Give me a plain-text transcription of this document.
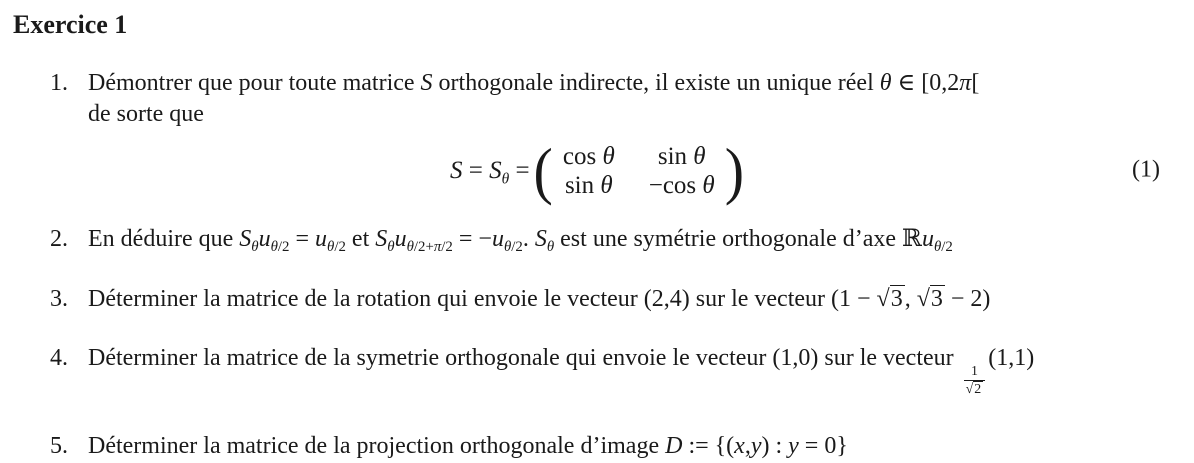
Exercice 1
1. Démontrer que pour toute matrice S orthogonale indirecte, il existe un unique réel θ ∈ [0,2π[
de sorte que
$S = S_\theta$ = ( cos θ	sin θ
sin θ −cos θ )	(1)
2. En déduire que $S_\theta u_{\theta/2} = u_{\theta/2}$ et $S_\theta u_{\theta/2+\pi/2} = -u_{\theta/2}$. $S_\theta$ est une symétrie orthogonale d’axe ℝu$_{\theta/2}$
3. Déterminer la matrice de la rotation qui envoie le vecteur (2,4) sur le vecteur (1 − √3, √3 − 2)
4. Déterminer la matrice de la symetrie orthogonale qui envoie le vecteur (1,0) sur le vecteur
$\frac{1}{√2}$
(1,1)
5. Déterminer la matrice de la projection orthogonale d’image D := {(x,y) : y = 0}
